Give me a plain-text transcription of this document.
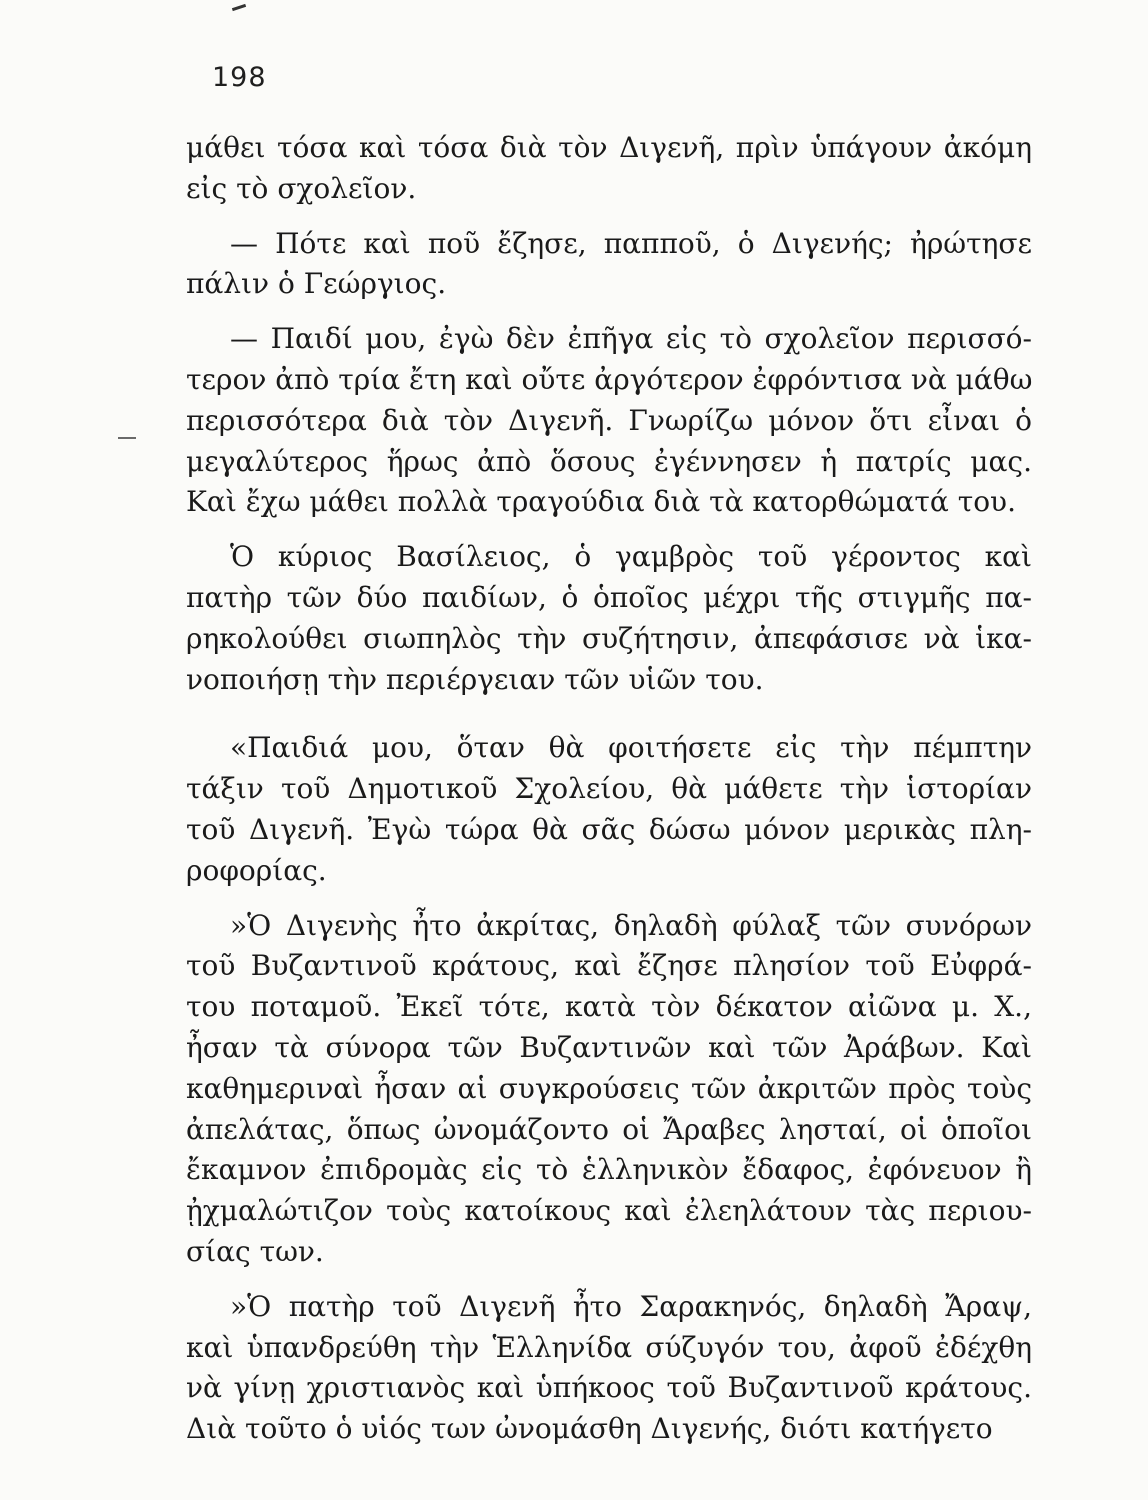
198
μάθει τόσα καὶ τόσα διὰ τὸν Διγενῆ, πρὶν ὑπάγουν ἀκόμη
εἰς τὸ σχολεῖον.
— Πότε καὶ ποῦ ἔζησε, παπποῦ, ὁ Διγενής; ἠρώτησε
πάλιν ὁ Γεώργιος.
— Παιδί μου, ἐγὼ δὲν ἐπῆγα εἰς τὸ σχολεῖον περισσό-
τερον ἀπὸ τρία ἔτη καὶ οὔτε ἀργότερον ἐφρόντισα νὰ μάθω
περισσότερα διὰ τὸν Διγενῆ. Γνωρίζω μόνον ὅτι εἶναι ὁ
μεγαλύτερος ἥρως ἀπὸ ὅσους ἐγέννησεν ἡ πατρίς μας.
Καὶ ἔχω μάθει πολλὰ τραγούδια διὰ τὰ κατορθώματά του.
Ὁ κύριος Βασίλειος, ὁ γαμβρὸς τοῦ γέροντος καὶ
πατὴρ τῶν δύο παιδίων, ὁ ὁποῖος μέχρι τῆς στιγμῆς πα-
ρηκολούθει σιωπηλὸς τὴν συζήτησιν, ἀπεφάσισε νὰ ἱκα-
νοποιήσῃ τὴν περιέργειαν τῶν υἱῶν του.
«Παιδιά μου, ὅταν θὰ φοιτήσετε εἰς τὴν πέμπτην
τάξιν τοῦ Δημοτικοῦ Σχολείου, θὰ μάθετε τὴν ἱστορίαν
τοῦ Διγενῆ. Ἐγὼ τώρα θὰ σᾶς δώσω μόνον μερικὰς πλη-
ροφορίας.
»Ὁ Διγενὴς ἦτο ἀκρίτας, δηλαδὴ φύλαξ τῶν συνόρων
τοῦ Βυζαντινοῦ κράτους, καὶ ἔζησε πλησίον τοῦ Εὐφρά-
του ποταμοῦ. Ἐκεῖ τότε, κατὰ τὸν δέκατον αἰῶνα μ. Χ.,
ἦσαν τὰ σύνορα τῶν Βυζαντινῶν καὶ τῶν Ἀράβων. Καὶ
καθημεριναὶ ἦσαν αἱ συγκρούσεις τῶν ἀκριτῶν πρὸς τοὺς
ἀπελάτας, ὅπως ὠνομάζοντο οἱ Ἄραβες λησταί, οἱ ὁποῖοι
ἔκαμνον ἐπιδρομὰς εἰς τὸ ἑλληνικὸν ἔδαφος, ἐφόνευον ἢ
ᾐχμαλώτιζον τοὺς κατοίκους καὶ ἐλεηλάτουν τὰς περιου-
σίας των.
»Ὁ πατὴρ τοῦ Διγενῆ ἦτο Σαρακηνός, δηλαδὴ Ἄραψ,
καὶ ὑπανδρεύθη τὴν Ἑλληνίδα σύζυγόν του, ἀφοῦ ἐδέχθη
νὰ γίνῃ χριστιανὸς καὶ ὑπήκοος τοῦ Βυζαντινοῦ κράτους.
Διὰ τοῦτο ὁ υἱός των ὠνομάσθη Διγενής, διότι κατήγετο
